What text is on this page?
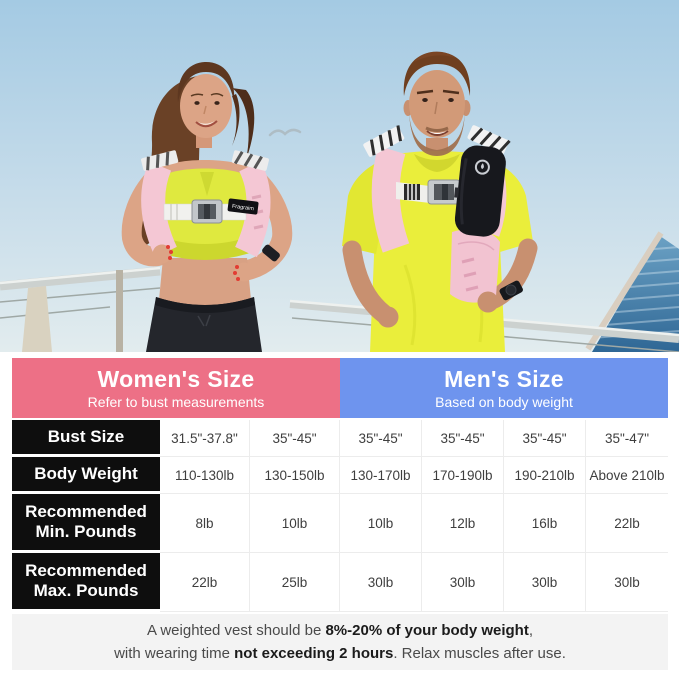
Fragraim
Women's Size
Refer to bust measurements
Men's Size
Based on body weight
Bust Size	31.5"-37.8"	35"-45"	35"-45"	35"-45"	35"-45"	35"-47"
Body Weight	110-130lb	130-150lb	130-170lb	170-190lb	190-210lb	Above 210lb
Recommended Min. Pounds	8lb	10lb	10lb	12lb	16lb	22lb
Recommended Max. Pounds	22lb	25lb	30lb	30lb	30lb	30lb
A weighted vest should be 8%-20% of your body weight,
with wearing time not exceeding 2 hours. Relax muscles after use.
